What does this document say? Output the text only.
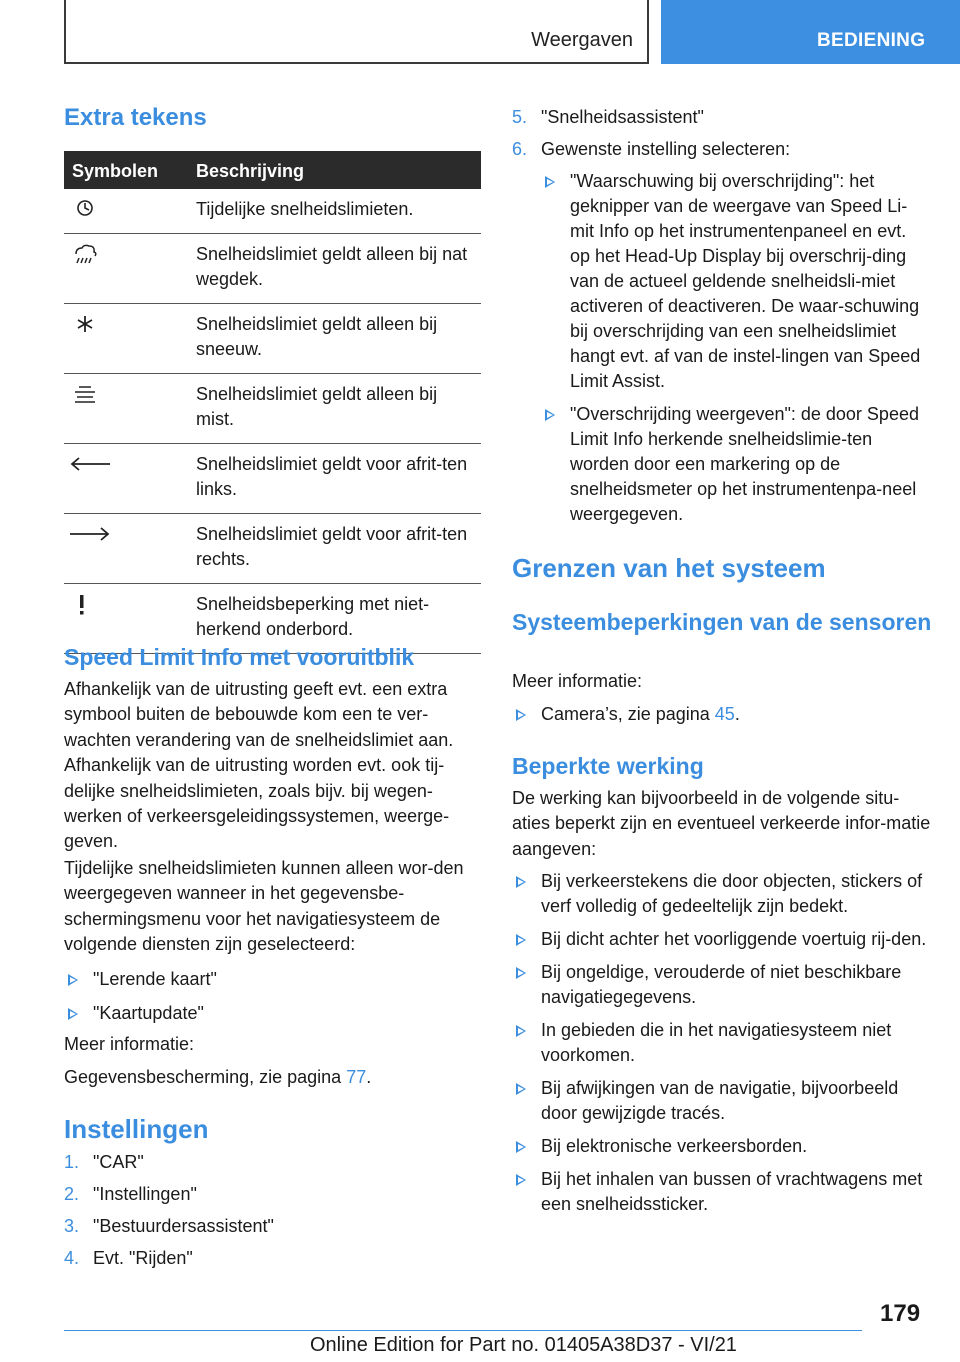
Weergaven	BEDIENING
Extra tekens
Symbolen Beschrijving
Tijdelijke snelheidslimieten.
Snelheidslimiet geldt alleen bij nat wegdek.
Snelheidslimiet geldt alleen bij sneeuw.
Snelheidslimiet geldt alleen bij mist.
Snelheidslimiet geldt voor afrit-ten links.
Snelheidslimiet geldt voor afrit-ten rechts.
Snelheidsbeperking met niet-herkend onderbord.
Speed Limit Info met vooruitblik

Afhankelijk van de uitrusting geeft evt. een extra symbool buiten de bebouwde kom een te ver-wachten verandering van de snelheidslimiet aan. Afhankelijk van de uitrusting worden evt. ook tij-delijke snelheidslimieten, zoals bijv. bij wegen-werken of verkeersgeleidingssystemen, weerge-geven.

Tijdelijke snelheidslimieten kunnen alleen wor-den weergegeven wanneer in het gegevensbe-schermingsmenu voor het navigatiesysteem de volgende diensten zijn geselecteerd:

"Lerende kaart"
"Kaartupdate"

Meer informatie:

Gegevensbescherming, zie pagina 77.

Instellingen
1. "CAR"
2. "Instellingen"
3. "Bestuurdersassistent"
4. Evt. "Rijden"
5. "Snelheidsassistent"
6. Gewenste instelling selecteren:
"Waarschuwing bij overschrijding": het geknipper van de weergave van Speed Li-mit Info op het instrumentenpaneel en evt. op het Head-Up Display bij overschrij-ding van de actueel geldende snelheidsli-miet activeren of deactiveren. De waar-schuwing bij overschrijding van een snelheidslimiet hangt evt. af van de instel-lingen van Speed Limit Assist.
"Overschrijding weergeven": de door Speed Limit Info herkende snelheidslimie-ten worden door een markering op de snelheidsmeter op het instrumentenpa-neel weergegeven.
Grenzen van het systeem
Systeembeperkingen van de sensoren

Meer informatie:

Camera’s, zie pagina 45.
Beperkte werking

De werking kan bijvoorbeeld in de volgende situ-aties beperkt zijn en eventueel verkeerde infor-matie aangeven:

Bij verkeerstekens die door objecten, stickers of verf volledig of gedeeltelijk zijn bedekt.
Bij dicht achter het voorliggende voertuig rij-den.
Bij ongeldige, verouderde of niet beschikbare navigatiegegevens.
In gebieden die in het navigatiesysteem niet voorkomen.
Bij afwijkingen van de navigatie, bijvoorbeeld door gewijzigde tracés.
Bij elektronische verkeersborden.
Bij het inhalen van bussen of vrachtwagens met een snelheidssticker.
179
Online Edition for Part no. 01405A38D37 - VI/21
